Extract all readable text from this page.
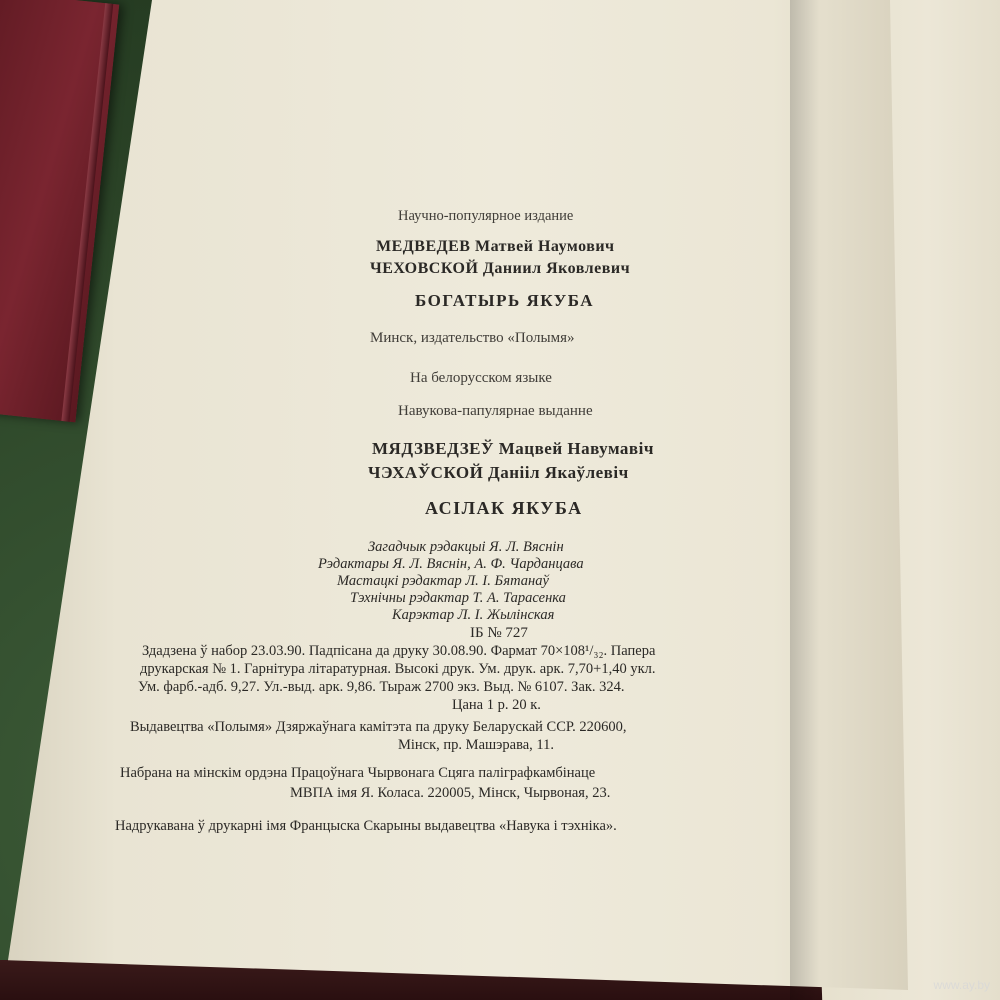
Научно-популярное издание
МЕДВЕДЕВ Матвей Наумович
ЧЕХОВСКОЙ Даниил Яковлевич
БОГАТЫРЬ ЯКУБА
Минск, издательство «Полымя»
На белорусском языке
Навукова-папулярнае выданне
МЯДЗВЕДЗЕЎ Мацвей Навумавіч
ЧЭХАЎСКОЙ Данііл Якаўлевіч
АСІЛАК ЯКУБА
Загадчык рэдакцыі Я. Л. Вяснін
Рэдактары Я. Л. Вяснін, А. Ф. Чарданцава
Мастацкі рэдактар Л. І. Бятанаў
Тэхнічны рэдактар Т. А. Тарасенка
Карэктар Л. І. Жылінская
ІБ № 727
Здадзена ў набор 23.03.90. Падпісана да друку 30.08.90. Фармат 70×108¹/₃₂. Папера
друкарская № 1. Гарнітура літаратурная. Высокі друк. Ум. друк. арк. 7,70+1,40 укл.
Ум. фарб.-адб. 9,27. Ул.-выд. арк. 9,86. Тыраж 2700 экз. Выд. № 6107. Зак. 324.
Цана 1 р. 20 к.
Выдавецтва «Полымя» Дзяржаўнага камітэта па друку Беларускай ССР. 220600,
Мінск, пр. Машэрава, 11.
Набрана на мінскім ордэна Працоўнага Чырвонага Сцяга паліграфкамбінаце
МВПА імя Я. Коласа. 220005, Мінск, Чырвоная, 23.
Надрукавана ў друкарні імя Францыска Скарыны выдавецтва «Навука і тэхніка».
www.ay.by
